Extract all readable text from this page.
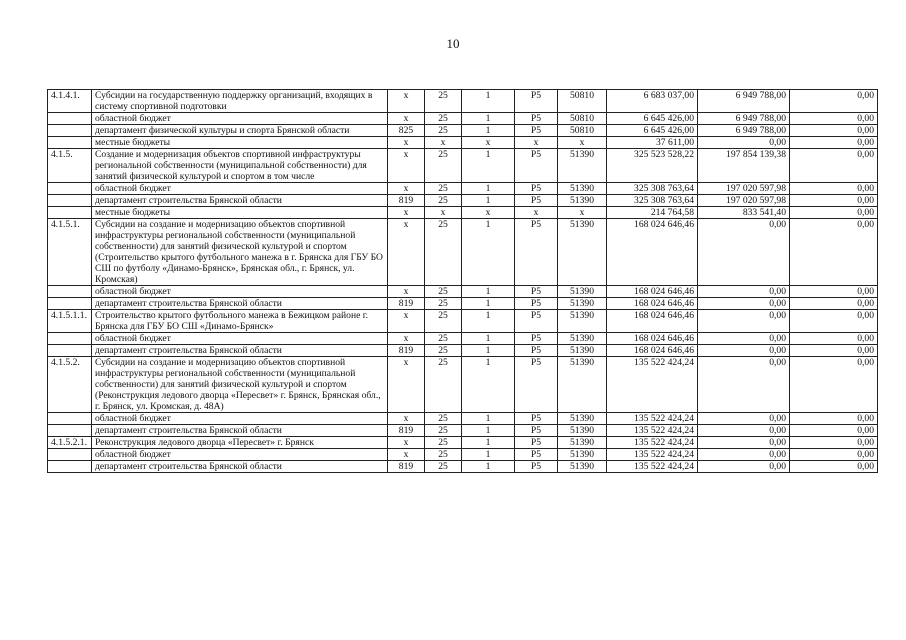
10
4.1.4.1.	Субсидии на государственную поддержку организаций, входящих в систему спортивной подготовки	х	25	1	P5	50810	6 683 037,00	6 949 788,00	0,00
	областной бюджет	х	25	1	P5	50810	6 645 426,00	6 949 788,00	0,00
	департамент физической культуры и спорта Брянской области	825	25	1	P5	50810	6 645 426,00	6 949 788,00	0,00
	местные бюджеты	х	х	х	х	х	37 611,00	0,00	0,00
4.1.5.	Создание и модернизация объектов спортивной инфраструктуры региональной собственности (муниципальной собственности) для занятий физической культурой и спортом в том числе	х	25	1	P5	51390	325 523 528,22	197 854 139,38	0,00
	областной бюджет	х	25	1	P5	51390	325 308 763,64	197 020 597,98	0,00
	департамент строительства Брянской области	819	25	1	P5	51390	325 308 763,64	197 020 597,98	0,00
	местные бюджеты	х	х	х	х	х	214 764,58	833 541,40	0,00
4.1.5.1.	Субсидии на создание и модернизацию объектов спортивной инфраструктуры региональной собственности (муниципальной собственности) для занятий физической культурой и спортом (Строительство крытого футбольного манежа в г. Брянска для ГБУ БО СШ по футболу «Динамо-Брянск», Брянская обл., г. Брянск, ул. Кромская)	х	25	1	P5	51390	168 024 646,46	0,00	0,00
	областной бюджет	х	25	1	P5	51390	168 024 646,46	0,00	0,00
	департамент строительства Брянской области	819	25	1	P5	51390	168 024 646,46	0,00	0,00
4.1.5.1.1.	Строительство крытого футбольного манежа в Бежицком районе г. Брянска для ГБУ БО СШ «Динамо-Брянск»	х	25	1	P5	51390	168 024 646,46	0,00	0,00
	областной бюджет	х	25	1	P5	51390	168 024 646,46	0,00	0,00
	департамент строительства Брянской области	819	25	1	P5	51390	168 024 646,46	0,00	0,00
4.1.5.2.	Субсидии на создание и модернизацию объектов спортивной инфраструктуры региональной собственности (муниципальной собственности) для занятий физической культурой и спортом (Реконструкция ледового дворца «Пересвет» г. Брянск, Брянская обл., г. Брянск, ул. Кромская, д. 48А)	х	25	1	P5	51390	135 522 424,24	0,00	0,00
	областной бюджет	х	25	1	P5	51390	135 522 424,24	0,00	0,00
	департамент строительства Брянской области	819	25	1	P5	51390	135 522 424,24	0,00	0,00
4.1.5.2.1.	Реконструкция ледового дворца «Пересвет» г. Брянск	х	25	1	P5	51390	135 522 424,24	0,00	0,00
	областной бюджет	х	25	1	P5	51390	135 522 424,24	0,00	0,00
	департамент строительства Брянской области	819	25	1	P5	51390	135 522 424,24	0,00	0,00
